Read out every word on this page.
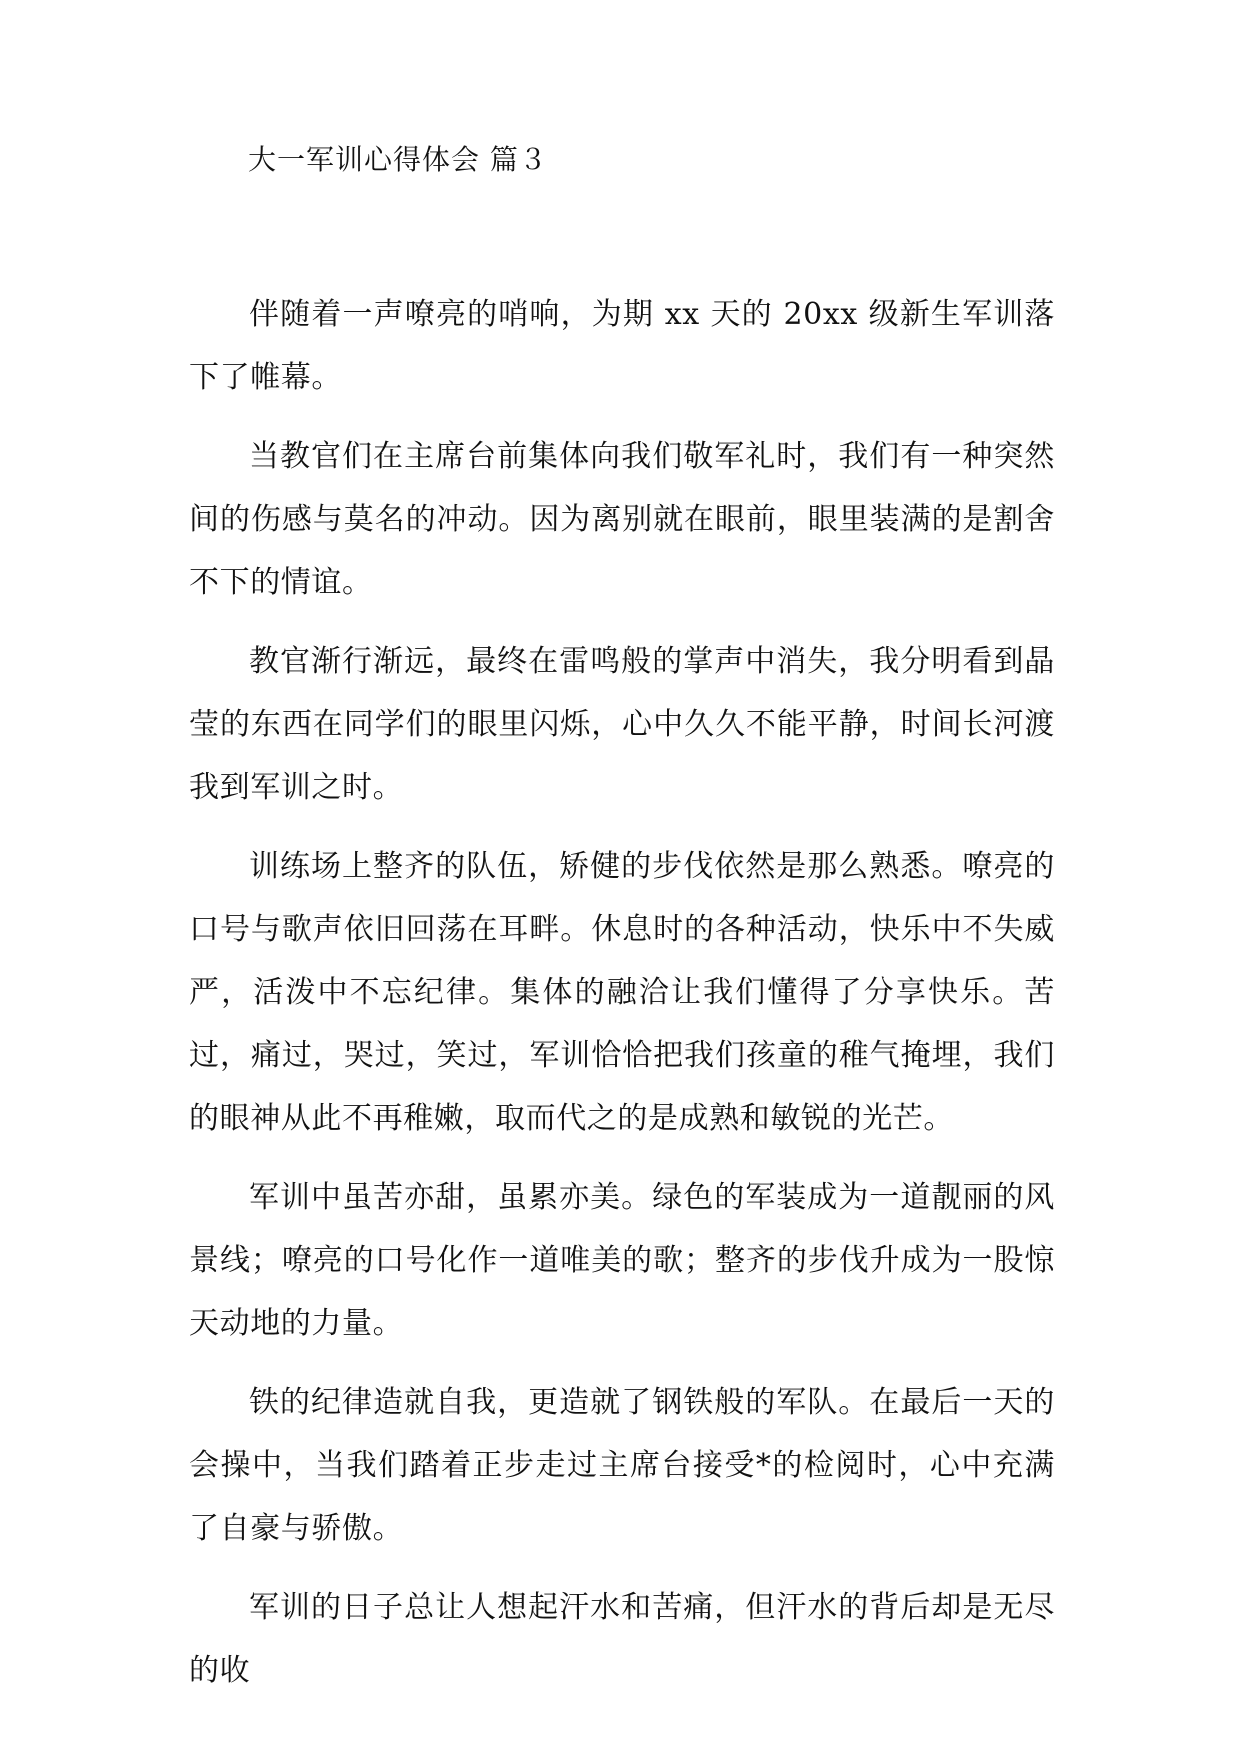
大一军训心得体会 篇３

伴随着一声嘹亮的哨响，为期 xx 天的 20xx 级新生军训落下了帷幕。

当教官们在主席台前集体向我们敬军礼时，我们有一种突然间的伤感与莫名的冲动。因为离别就在眼前，眼里装满的是割舍不下的情谊。

教官渐行渐远，最终在雷鸣般的掌声中消失，我分明看到晶莹的东西在同学们的眼里闪烁，心中久久不能平静，时间长河渡我到军训之时。

训练场上整齐的队伍，矫健的步伐依然是那么熟悉。嘹亮的口号与歌声依旧回荡在耳畔。休息时的各种活动，快乐中不失威严，活泼中不忘纪律。集体的融洽让我们懂得了分享快乐。苦过，痛过，哭过，笑过，军训恰恰把我们孩童的稚气掩埋，我们的眼神从此不再稚嫩，取而代之的是成熟和敏锐的光芒。

军训中虽苦亦甜，虽累亦美。绿色的军装成为一道靓丽的风景线；嘹亮的口号化作一道唯美的歌；整齐的步伐升成为一股惊天动地的力量。

铁的纪律造就自我，更造就了钢铁般的军队。在最后一天的会操中，当我们踏着正步走过主席台接受*的检阅时，心中充满了自豪与骄傲。

军训的日子总让人想起汗水和苦痛，但汗水的背后却是无尽的收
